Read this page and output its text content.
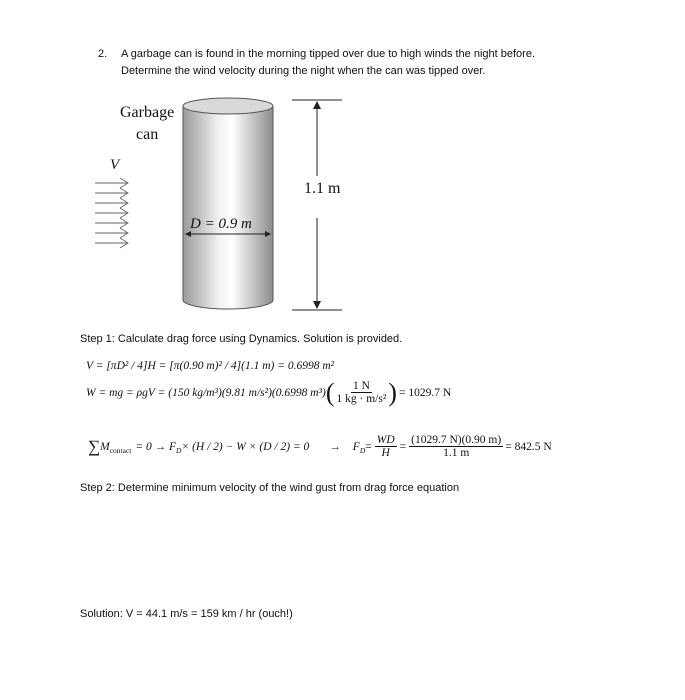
2. A garbage can is found in the morning tipped over due to high winds the night before.
Determine the wind velocity during the night when the can was tipped over.
Garbage
can
V
1.1 m
D = 0.9 m
Step 1: Calculate drag force using Dynamics. Solution is provided.
V = [πD² / 4]H = [π(0.90 m)² / 4](1.1 m) = 0.6998 m²
W = mg = ρgV = (150 kg/m³)(9.81 m/s²)(0.6998 m³) ( $\frac{1 N}{\text{1 kg · m/s²}}$ ) = 1029.7 N
∑ $M_{contact} = 0 \to F_D \times (H / 2) - W \times (D / 2) = 0 \to F_D = \frac{WD}{H} = \frac{(1029.7 N)(0.90 m)}{1.1 m} = 842.5$ N
Step 2: Determine minimum velocity of the wind gust from drag force equation
Solution: V = 44.1 m/s = 159 km / hr (ouch!)
